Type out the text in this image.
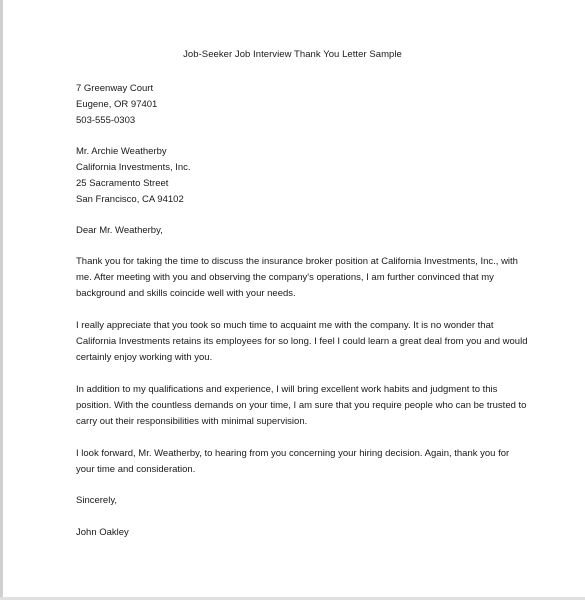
Job-Seeker Job Interview Thank You Letter Sample
7 Greenway Court
Eugene, OR 97401
503-555-0303
Mr. Archie Weatherby
California Investments, Inc.
25 Sacramento Street
San Francisco, CA 94102
Dear Mr. Weatherby,
Thank you for taking the time to discuss the insurance broker position at California Investments, Inc., with
me. After meeting with you and observing the company's operations, I am further convinced that my
background and skills coincide well with your needs.
I really appreciate that you took so much time to acquaint me with the company. It is no wonder that
California Investments retains its employees for so long. I feel I could learn a great deal from you and would
certainly enjoy working with you.
In addition to my qualifications and experience, I will bring excellent work habits and judgment to this
position. With the countless demands on your time, I am sure that you require people who can be trusted to
carry out their responsibilities with minimal supervision.
I look forward, Mr. Weatherby, to hearing from you concerning your hiring decision. Again, thank you for
your time and consideration.
Sincerely,
John Oakley
